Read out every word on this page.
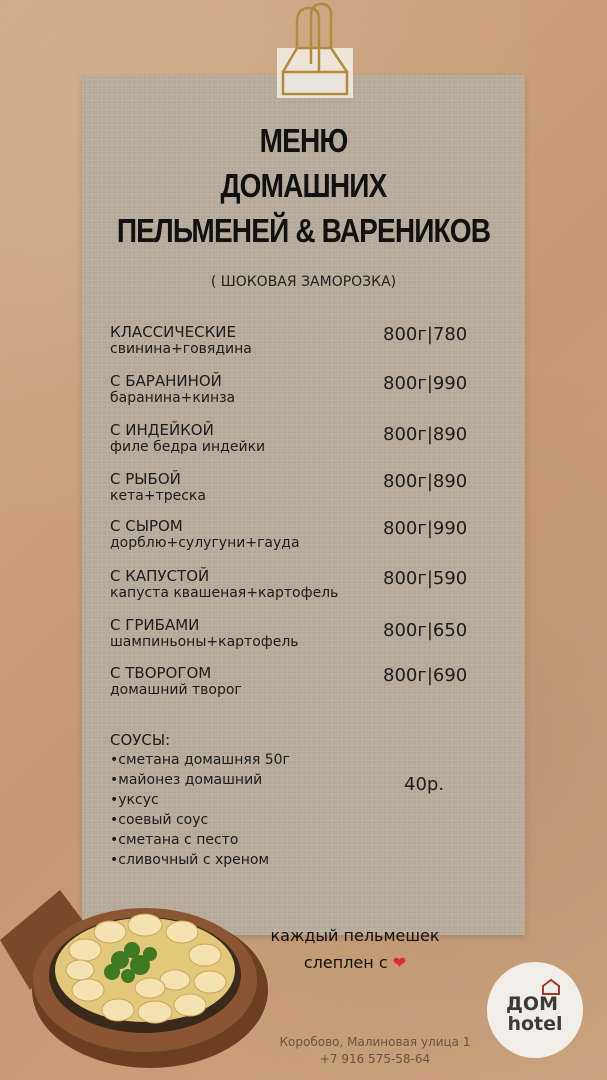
МЕНЮ
ДОМАШНИХ
ПЕЛЬМЕНЕЙ & ВАРЕНИКОВ
( ШОКОВАЯ ЗАМОРОЗКА)
КЛАССИЧЕСКИЕ
свинина+говядина
800г|780
С БАРАНИНОЙ
баранина+кинза
800г|990
С ИНДЕЙКОЙ
филе бедра индейки
800г|890
С РЫБОЙ
кета+треска
800г|890
С СЫРОМ
дорблю+сулугуни+гауда
800г|990
С КАПУСТОЙ
капуста квашеная+картофель
800г|590
С ГРИБАМИ
шампиньоны+картофель
800г|650
С ТВОРОГОМ
домашний творог
800г|690
СОУСЫ:
•сметана домашняя 50г
•майонез домашний
•уксус
•соевый соус
•сметана с песто
•сливочный с хреном
40р.
каждый пельмешек
слеплен с ❤
Коробово, Малиновая улица 1
+7 916 575-58-64
ДОМ
hotel
